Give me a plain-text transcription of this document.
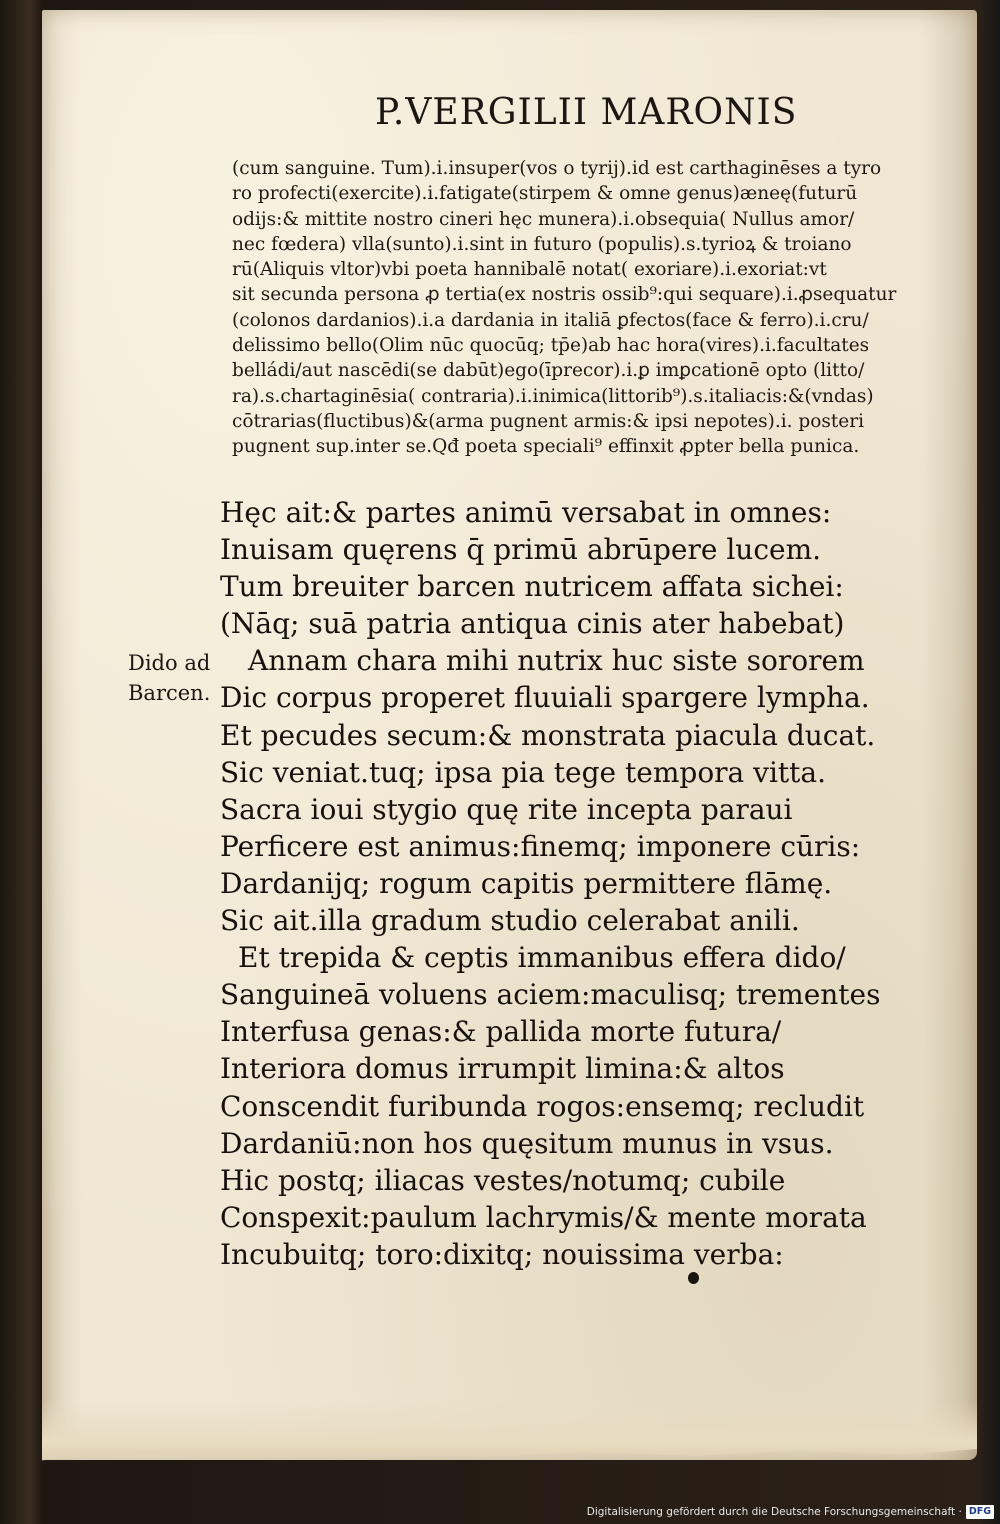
P.VERGILII MARONIS
(cum sanguine. Tum).i.insuper(vos o tyrij).id est carthaginēses a tyro
ro profecti(exercite).i.fatigate(stirpem & omne genus)æneę(futurū
odijs:& mittite nostro cineri hęc munera).i.obsequia( Nullus amor/
nec fœdera) vlla(sunto).i.sint in futuro (populis).s.tyrioꝝ & troiano
rū(Aliquis vltor)vbi poeta hannibalē notat( exoriare).i.exoriat:vt
sit secunda persona ꝓ tertia(ex nostris ossib⁹:qui sequare).i.ꝓsequatur
(colonos dardanios).i.a dardania in italiā ꝑfectos(face & ferro).i.cru/
delissimo bello(Olim nūc quocūq; tp̄e)ab hac hora(vires).i.facultates
belládi/aut nascēdi(se dabūt)ego(īprecor).i.ꝑ imꝑcationē opto (litto/
ra).s.chartaginēsia( contraria).i.inimica(littorib⁹).s.italiacis:&(vndas)
cōtrarias(fluctibus)&(arma pugnent armis:& ipsi nepotes).i. posteri
pugnent sup.inter se.Qđ poeta speciali⁹ effinxit ꝓpter bella punica.
Dido ad
Barcen.
Hęc ait:& partes animū versabat in omnes:
Inuisam quęrens q̄ primū abrūpere lucem.
Tum breuiter barcen nutricem affata sichei:
(Nāq; suā patria antiqua cinis ater habebat)
Annam chara mihi nutrix huc siste sororem
Dic corpus properet fluuiali spargere lympha.
Et pecudes secum:& monstrata piacula ducat.
Sic veniat.tuq; ipsa pia tege tempora vitta.
Sacra ioui stygio quę rite incepta paraui
Perficere est animus:finemq; imponere cūris:
Dardanijq; rogum capitis permittere flāmę.
Sic ait.illa gradum studio celerabat anili.
Et trepida & ceptis immanibus effera dido/
Sanguineā voluens aciem:maculisq; trementes
Interfusa genas:& pallida morte futura/
Interiora domus irrumpit limina:& altos
Conscendit furibunda rogos:ensemq; recludit
Dardaniū:non hos quęsitum munus in vsus.
Hic postq; iliacas vestes/notumq; cubile
Conspexit:paulum lachrymis/& mente morata
Incubuitq; toro:dixitq; nouissima verba:
Digitalisierung gefördert durch die Deutsche Forschungsgemeinschaft · DFG
